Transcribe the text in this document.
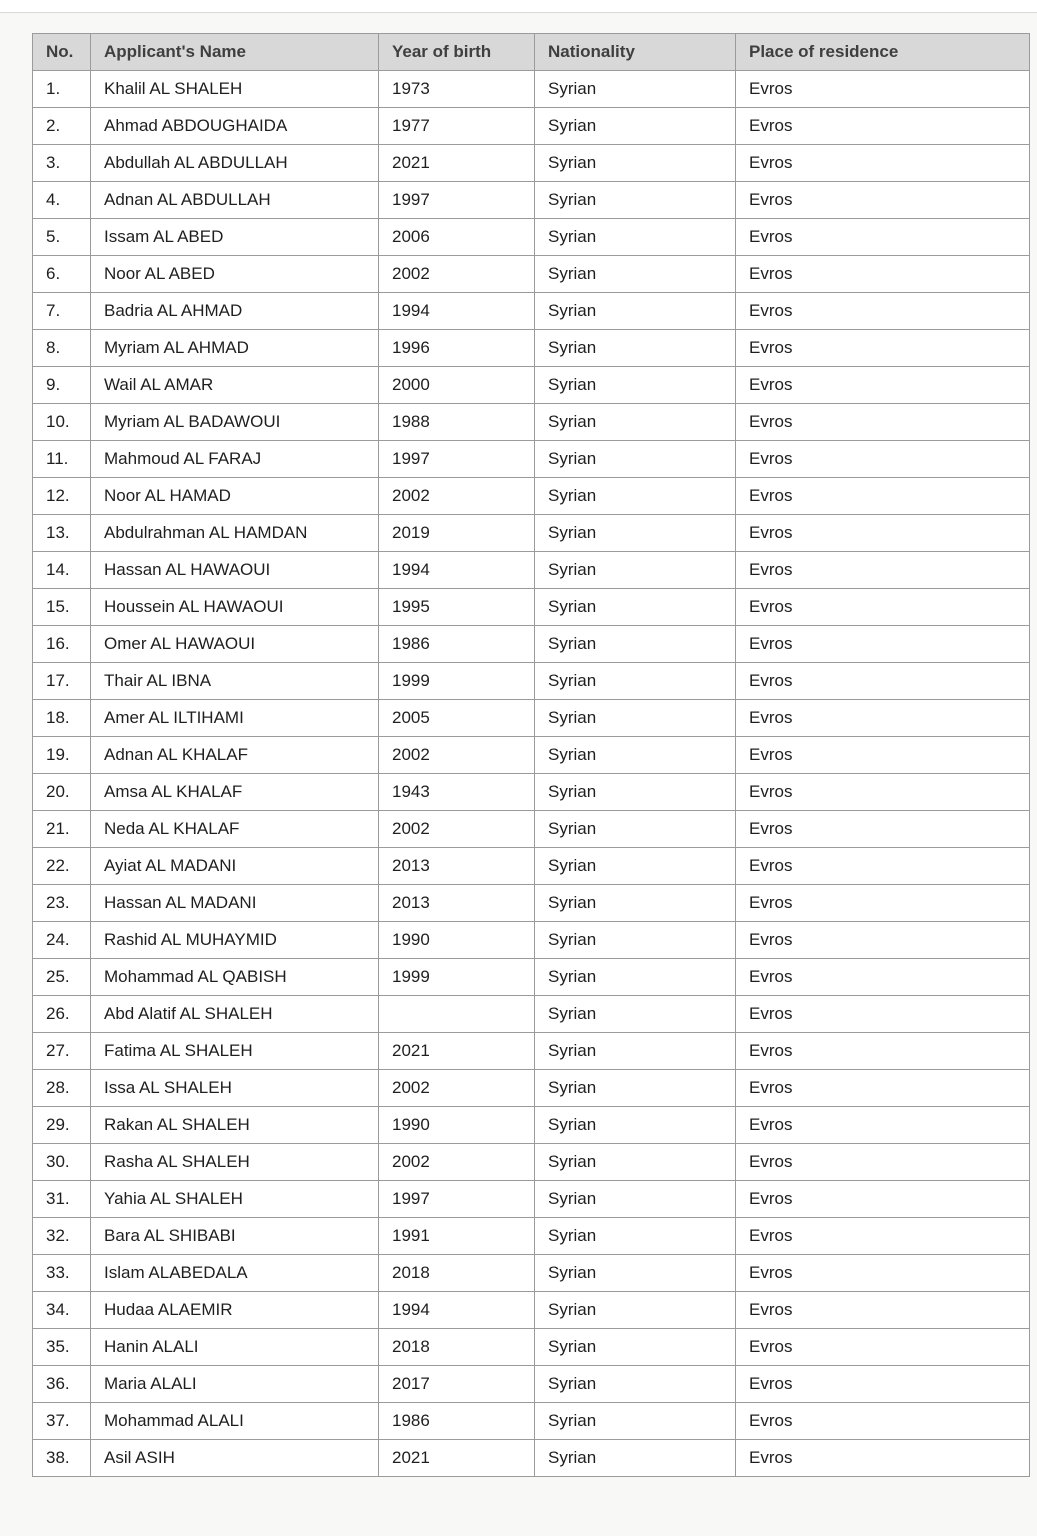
No.	Applicant's Name	Year of birth	Nationality	Place of residence
1.	Khalil AL SHALEH	1973	Syrian	Evros
2.	Ahmad ABDOUGHAIDA	1977	Syrian	Evros
3.	Abdullah AL ABDULLAH	2021	Syrian	Evros
4.	Adnan AL ABDULLAH	1997	Syrian	Evros
5.	Issam AL ABED	2006	Syrian	Evros
6.	Noor AL ABED	2002	Syrian	Evros
7.	Badria AL AHMAD	1994	Syrian	Evros
8.	Myriam AL AHMAD	1996	Syrian	Evros
9.	Wail AL AMAR	2000	Syrian	Evros
10.	Myriam AL BADAWOUI	1988	Syrian	Evros
11.	Mahmoud AL FARAJ	1997	Syrian	Evros
12.	Noor AL HAMAD	2002	Syrian	Evros
13.	Abdulrahman AL HAMDAN	2019	Syrian	Evros
14.	Hassan AL HAWAOUI	1994	Syrian	Evros
15.	Houssein AL HAWAOUI	1995	Syrian	Evros
16.	Omer AL HAWAOUI	1986	Syrian	Evros
17.	Thair AL IBNA	1999	Syrian	Evros
18.	Amer AL ILTIHAMI	2005	Syrian	Evros
19.	Adnan AL KHALAF	2002	Syrian	Evros
20.	Amsa AL KHALAF	1943	Syrian	Evros
21.	Neda AL KHALAF	2002	Syrian	Evros
22.	Ayiat AL MADANI	2013	Syrian	Evros
23.	Hassan AL MADANI	2013	Syrian	Evros
24.	Rashid AL MUHAYMID	1990	Syrian	Evros
25.	Mohammad AL QABISH	1999	Syrian	Evros
26.	Abd Alatif AL SHALEH		Syrian	Evros
27.	Fatima AL SHALEH	2021	Syrian	Evros
28.	Issa AL SHALEH	2002	Syrian	Evros
29.	Rakan AL SHALEH	1990	Syrian	Evros
30.	Rasha AL SHALEH	2002	Syrian	Evros
31.	Yahia AL SHALEH	1997	Syrian	Evros
32.	Bara AL SHIBABI	1991	Syrian	Evros
33.	Islam ALABEDALA	2018	Syrian	Evros
34.	Hudaa ALAEMIR	1994	Syrian	Evros
35.	Hanin ALALI	2018	Syrian	Evros
36.	Maria ALALI	2017	Syrian	Evros
37.	Mohammad ALALI	1986	Syrian	Evros
38.	Asil ASIH	2021	Syrian	Evros
